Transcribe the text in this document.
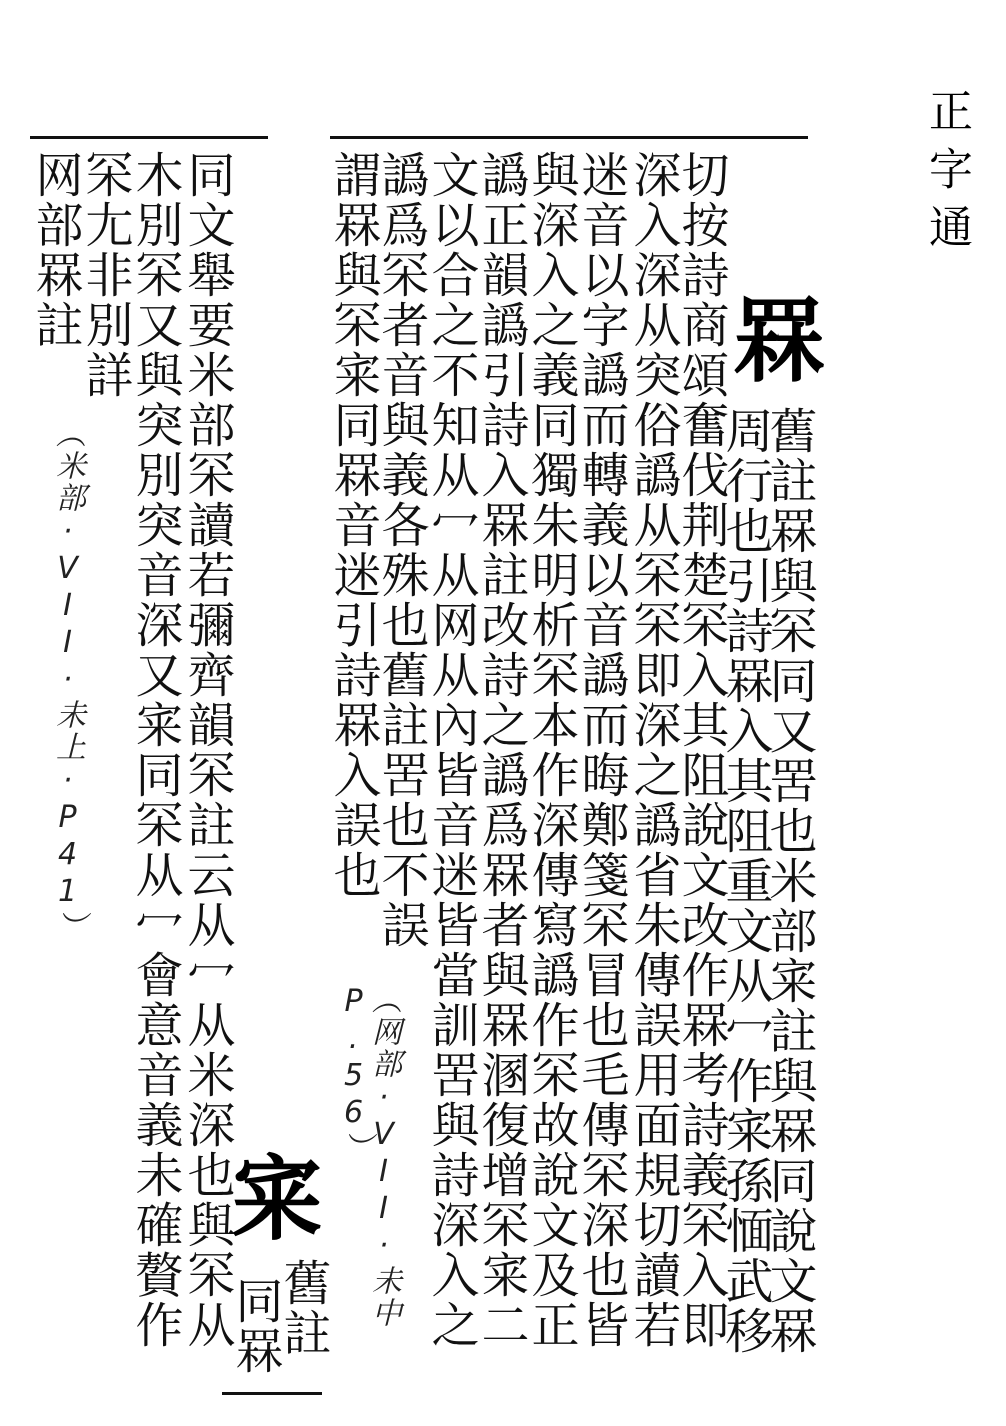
正字通
舊註罧與罙同又罟也米部宷註與罧同說文罧
周行也引詩罧入其阻重文从冖作宷孫愐武移
切按詩商頌奮伐荆楚罙入其阻說文改作罧考詩義罙入即
深入深从突俗譌从罙罙即深之譌省朱傳誤用面規切讀若
迷音以字譌而轉義以音譌而晦鄭箋罙冒也毛傳罙深也皆
與深入之義同獨朱明析罙本作深傳寫譌作罙故說文及正
譌正韻譌引詩入罧註改詩之譌爲罧者與罧溷復增罙宷二
文以合之不知从冖从网从內皆音迷皆當訓罟與詩深入之
譌爲罙者音與義各殊也舊註罟也不誤
謂罧與罙宷同罧音迷引詩罧入誤也	罧
（网部·VII·未中 P.56）
舊註
同罧
同文舉要米部罙讀若彌齊韻罙註云从冖从米深也與罙从
木別罙又與突別突音深又宷同罙从冖會意音義未確贅作
罙尢非別詳
网部罧註
宷
（米部·VII·未上·P41）
